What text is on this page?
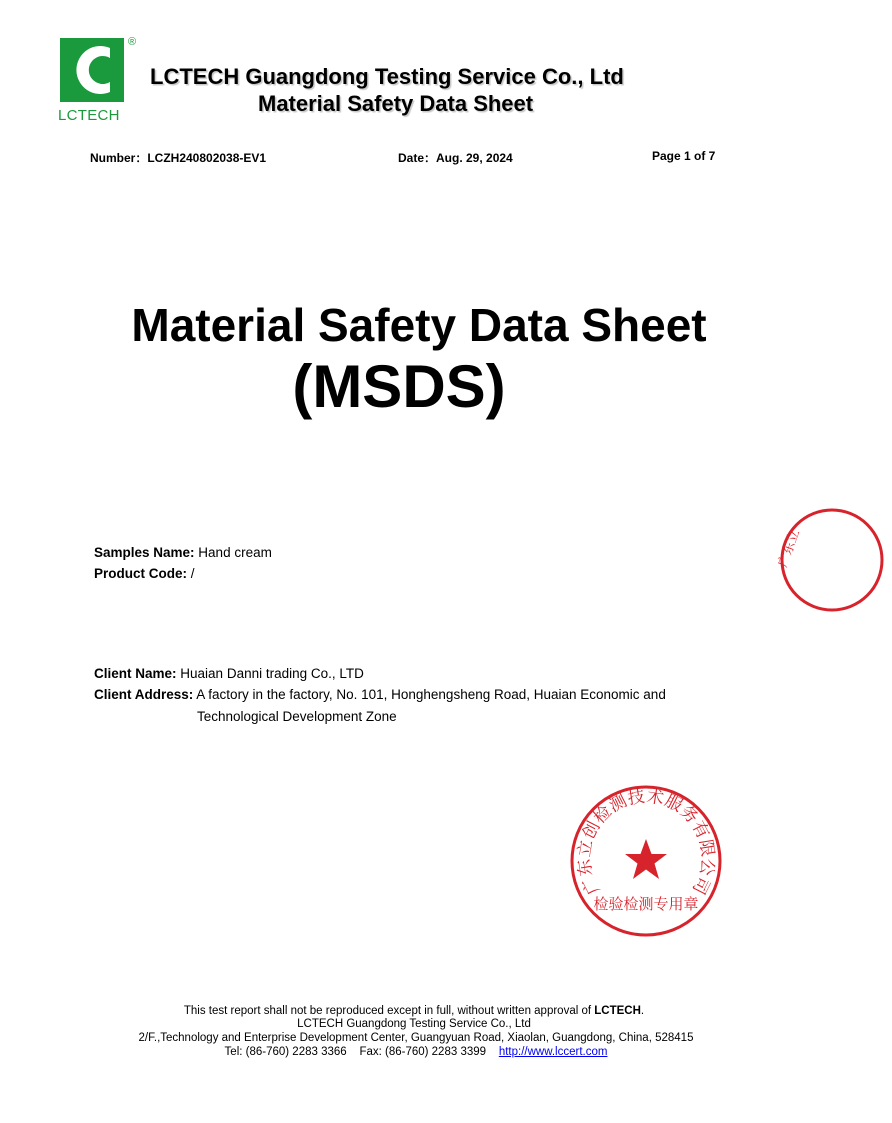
®
LCTECH
LCTECH Guangdong Testing Service Co., Ltd
Material Safety Data Sheet
Number：LCZH240802038-EV1	Date：Aug. 29, 2024	Page 1 of 7
Material Safety Data Sheet
(MSDS)
Samples Name: Hand cream
Product Code: /
Client Name: Huaian Danni trading Co., LTD
Client Address: A factory in the factory, No. 101, Honghengsheng Road, Huaian Economic and
Technological Development Zone
广东立创检测技术服务有限公司
检验检测专用章
广东立
This test report shall not be reproduced except in full, without written approval of LCTECH.
LCTECH Guangdong Testing Service Co., Ltd
2/F.,Technology and Enterprise Development Center, Guangyuan Road, Xiaolan, Guangdong, China, 528415
Tel: (86-760) 2283 3366    Fax: (86-760) 2283 3399    http://www.lccert.com
